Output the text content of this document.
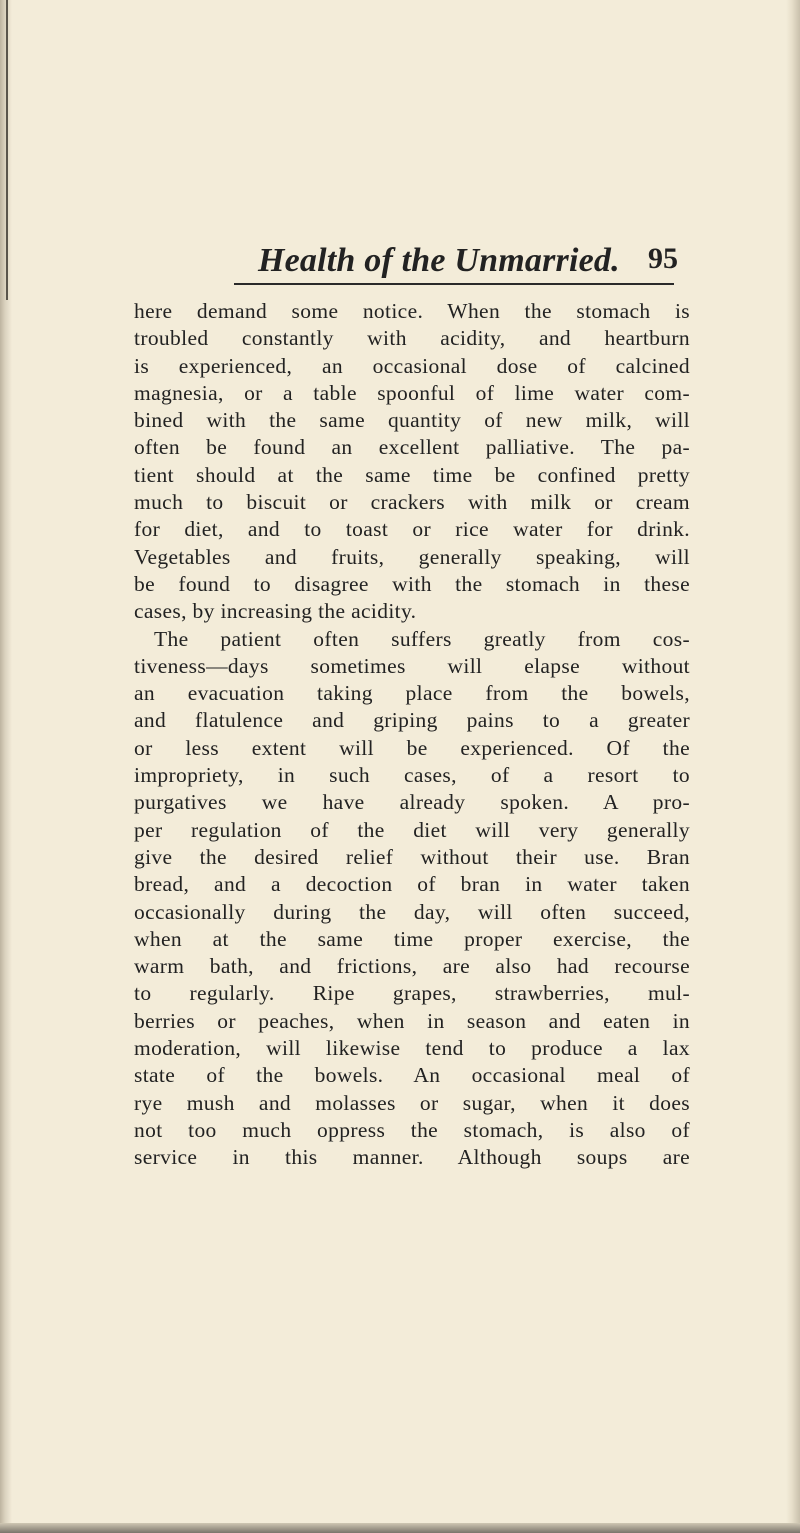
Health of the Unmarried. 95
here demand some notice. When the stomach is
troubled constantly with acidity, and heartburn
is experienced, an occasional dose of calcined
magnesia, or a table spoonful of lime water com-
bined with the same quantity of new milk, will
often be found an excellent palliative. The pa-
tient should at the same time be confined pretty
much to biscuit or crackers with milk or cream
for diet, and to toast or rice water for drink.
Vegetables and fruits, generally speaking, will
be found to disagree with the stomach in these
cases, by increasing the acidity.
The patient often suffers greatly from cos-
tiveness—days sometimes will elapse without
an evacuation taking place from the bowels,
and flatulence and griping pains to a greater
or less extent will be experienced. Of the
impropriety, in such cases, of a resort to
purgatives we have already spoken. A pro-
per regulation of the diet will very generally
give the desired relief without their use. Bran
bread, and a decoction of bran in water taken
occasionally during the day, will often succeed,
when at the same time proper exercise, the
warm bath, and frictions, are also had recourse
to regularly. Ripe grapes, strawberries, mul-
berries or peaches, when in season and eaten in
moderation, will likewise tend to produce a lax
state of the bowels. An occasional meal of
rye mush and molasses or sugar, when it does
not too much oppress the stomach, is also of
service in this manner. Although soups are
